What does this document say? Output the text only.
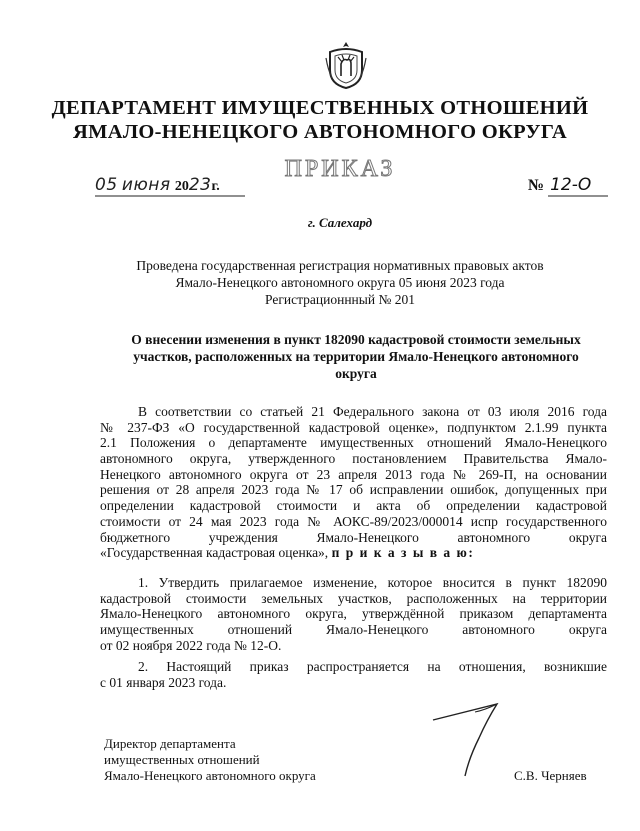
ДЕПАРТАМЕНТ ИМУЩЕСТВЕННЫХ ОТНОШЕНИЙ
ЯМАЛО-НЕНЕЦКОГО АВТОНОМНОГО ОКРУГА
ПРИКАЗ
05 июня 2023г.	№ 12-О
г. Салехард
Проведена государственная регистрация нормативных правовых актов
Ямало-Ненецкого автономного округа 05 июня 2023 года
Регистрационнный № 201
О внесении изменения в пункт 182090 кадастровой стоимости земельных
участков, расположенных на территории Ямало-Ненецкого автономного
округа
В соответствии со статьей 21 Федерального закона от 03 июля 2016 года
№ 237-ФЗ «О государственной кадастровой оценке», подпунктом 2.1.99 пункта
2.1 Положения о департаменте имущественных отношений Ямало-Ненецкого
автономного округа, утвержденного постановлением Правительства Ямало-
Ненецкого автономного округа от 23 апреля 2013 года № 269-П, на основании
решения от 28 апреля 2023 года № 17 об исправлении ошибок, допущенных при
определении кадастровой стоимости и акта об определении кадастровой
стоимости от 24 мая 2023 года № АОКС-89/2023/000014 испр государственного
бюджетного учреждения Ямало-Ненецкого автономного округа
«Государственная кадастровая оценка», п р и к а з ы в а ю:
1. Утвердить прилагаемое изменение, которое вносится в пункт 182090
кадастровой стоимости земельных участков, расположенных на территории
Ямало-Ненецкого автономного округа, утверждённой приказом департамента
имущественных отношений Ямало-Ненецкого автономного округа
от 02 ноября 2022 года № 12-О.
2. Настоящий приказ распространяется на отношения, возникшие
с 01 января 2023 года.
Директор департамента
имущественных отношений
Ямало-Ненецкого автономного округа	С.В. Черняев
